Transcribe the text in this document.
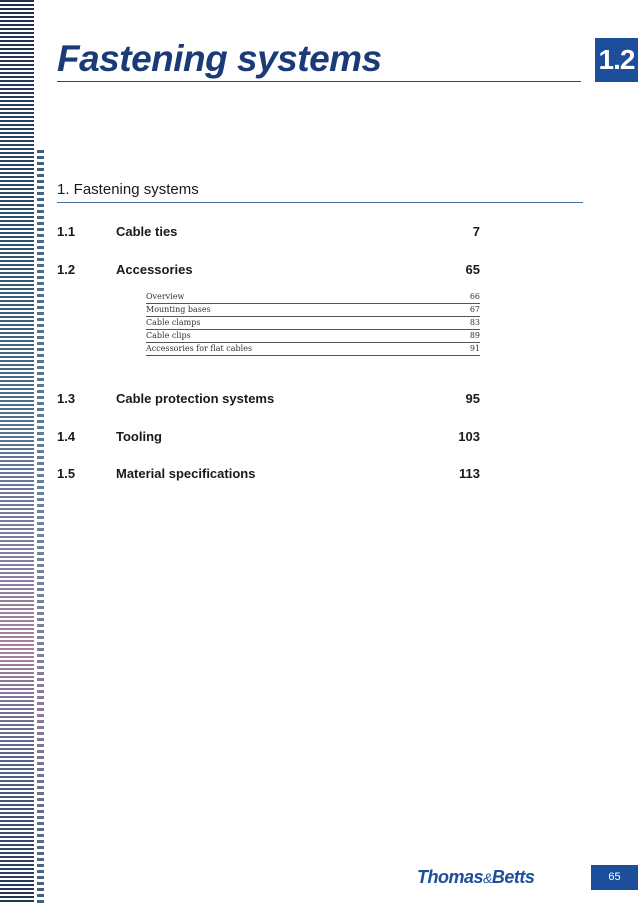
Fastening systems	1.2
1. Fastening systems
1.1	Cable ties	7
1.2	Accessories	65
Overview	66
Mounting bases	67
Cable clamps	83
Cable clips	89
Accessories for flat cables	91
1.3	Cable protection systems	95
1.4	Tooling	103
1.5	Material specifications	113
Thomas&Betts	65
